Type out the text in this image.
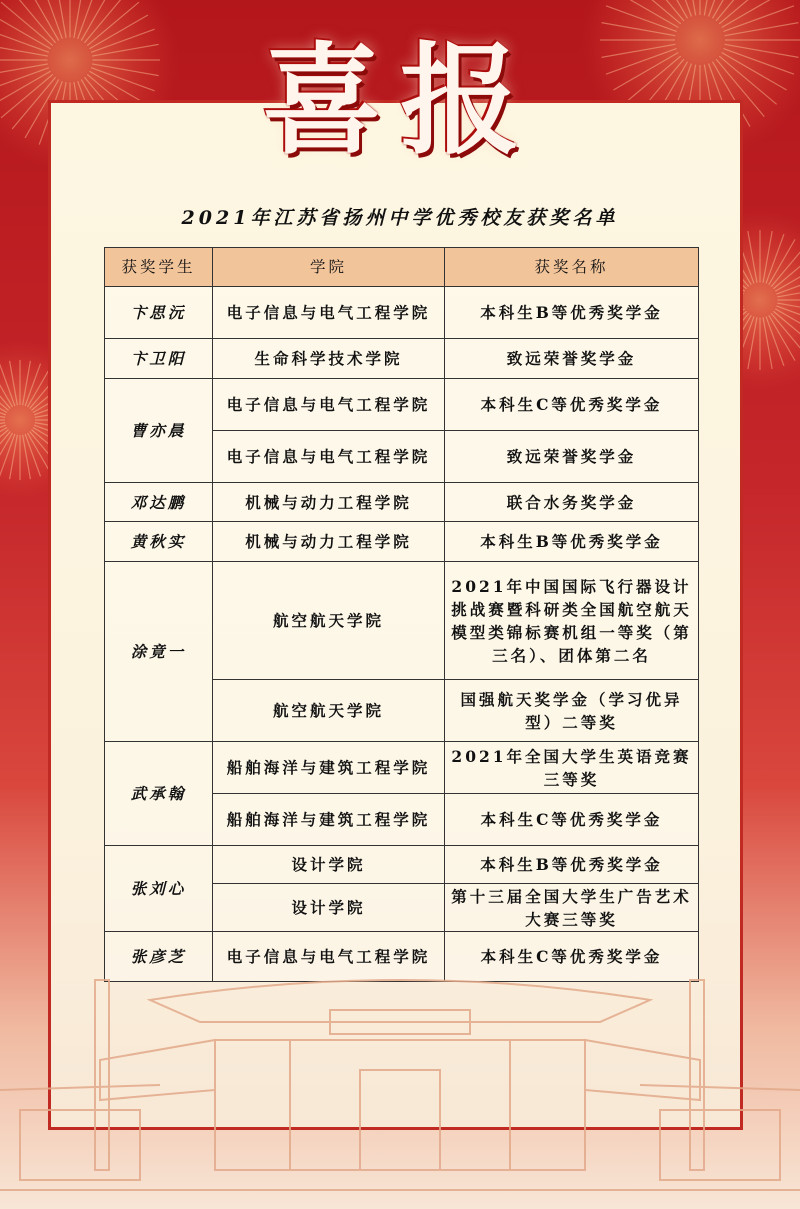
喜报
2021年江苏省扬州中学优秀校友获奖名单
获奖学生	学院	获奖名称
卞思沅	电子信息与电气工程学院	本科生B等优秀奖学金
卞卫阳	生命科学技术学院	致远荣誉奖学金
曹亦晨	电子信息与电气工程学院	本科生C等优秀奖学金
	电子信息与电气工程学院	致远荣誉奖学金
邓达鹏	机械与动力工程学院	联合水务奖学金
黄秋实	机械与动力工程学院	本科生B等优秀奖学金
涂竟一	航空航天学院	2021年中国国际飞行器设计挑战赛暨科研类全国航空航天模型类锦标赛机组一等奖（第三名）、团体第二名
	航空航天学院	国强航天奖学金（学习优异型）二等奖
武承翰	船舶海洋与建筑工程学院	2021年全国大学生英语竞赛 三等奖
	船舶海洋与建筑工程学院	本科生C等优秀奖学金
张刘心	设计学院	本科生B等优秀奖学金
	设计学院	第十三届全国大学生广告艺术大赛三等奖
张彦芝	电子信息与电气工程学院	本科生C等优秀奖学金
